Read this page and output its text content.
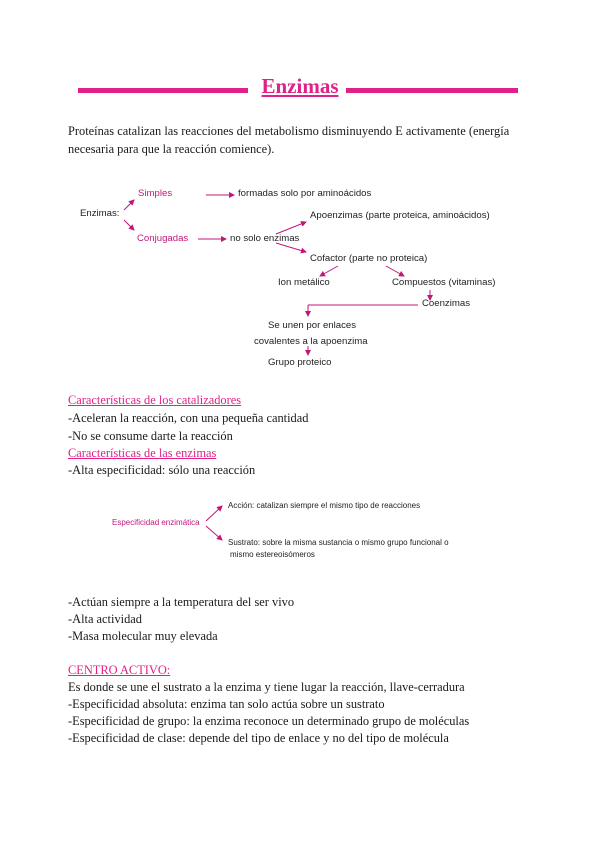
Enzimas
Proteínas catalizan las reacciones del metabolismo disminuyendo E activamente (energía necesaria para que la reacción comience).
Enzimas:
Simples	formadas solo por aminoácidos
Conjugadas	no solo enzimas
Apoenzimas (parte proteica, aminoácidos)
Cofactor (parte no proteica)
Ion metálico	Compuestos (vitaminas)
Coenzimas
Se unen por enlaces
covalentes a la apoenzima
Grupo proteico
Características de los catalizadores
-Aceleran la reacción, con una pequeña cantidad
-No se consume darte la reacción
Características de las enzimas
-Alta especificidad: sólo una reacción
Especificidad enzimática
Acción: catalizan siempre el mismo tipo de reacciones
Sustrato: sobre la misma sustancia o mismo grupo funcional o
mismo estereoisómeros
-Actúan siempre a la temperatura del ser vivo
-Alta actividad
-Masa molecular muy elevada
CENTRO ACTIVO:
Es donde se une el sustrato a la enzima y tiene lugar la reacción, llave-cerradura
-Especificidad absoluta: enzima tan solo actúa sobre un sustrato
-Especificidad de grupo: la enzima reconoce un determinado grupo de moléculas
-Especificidad de clase: depende del tipo de enlace y no del tipo de molécula
